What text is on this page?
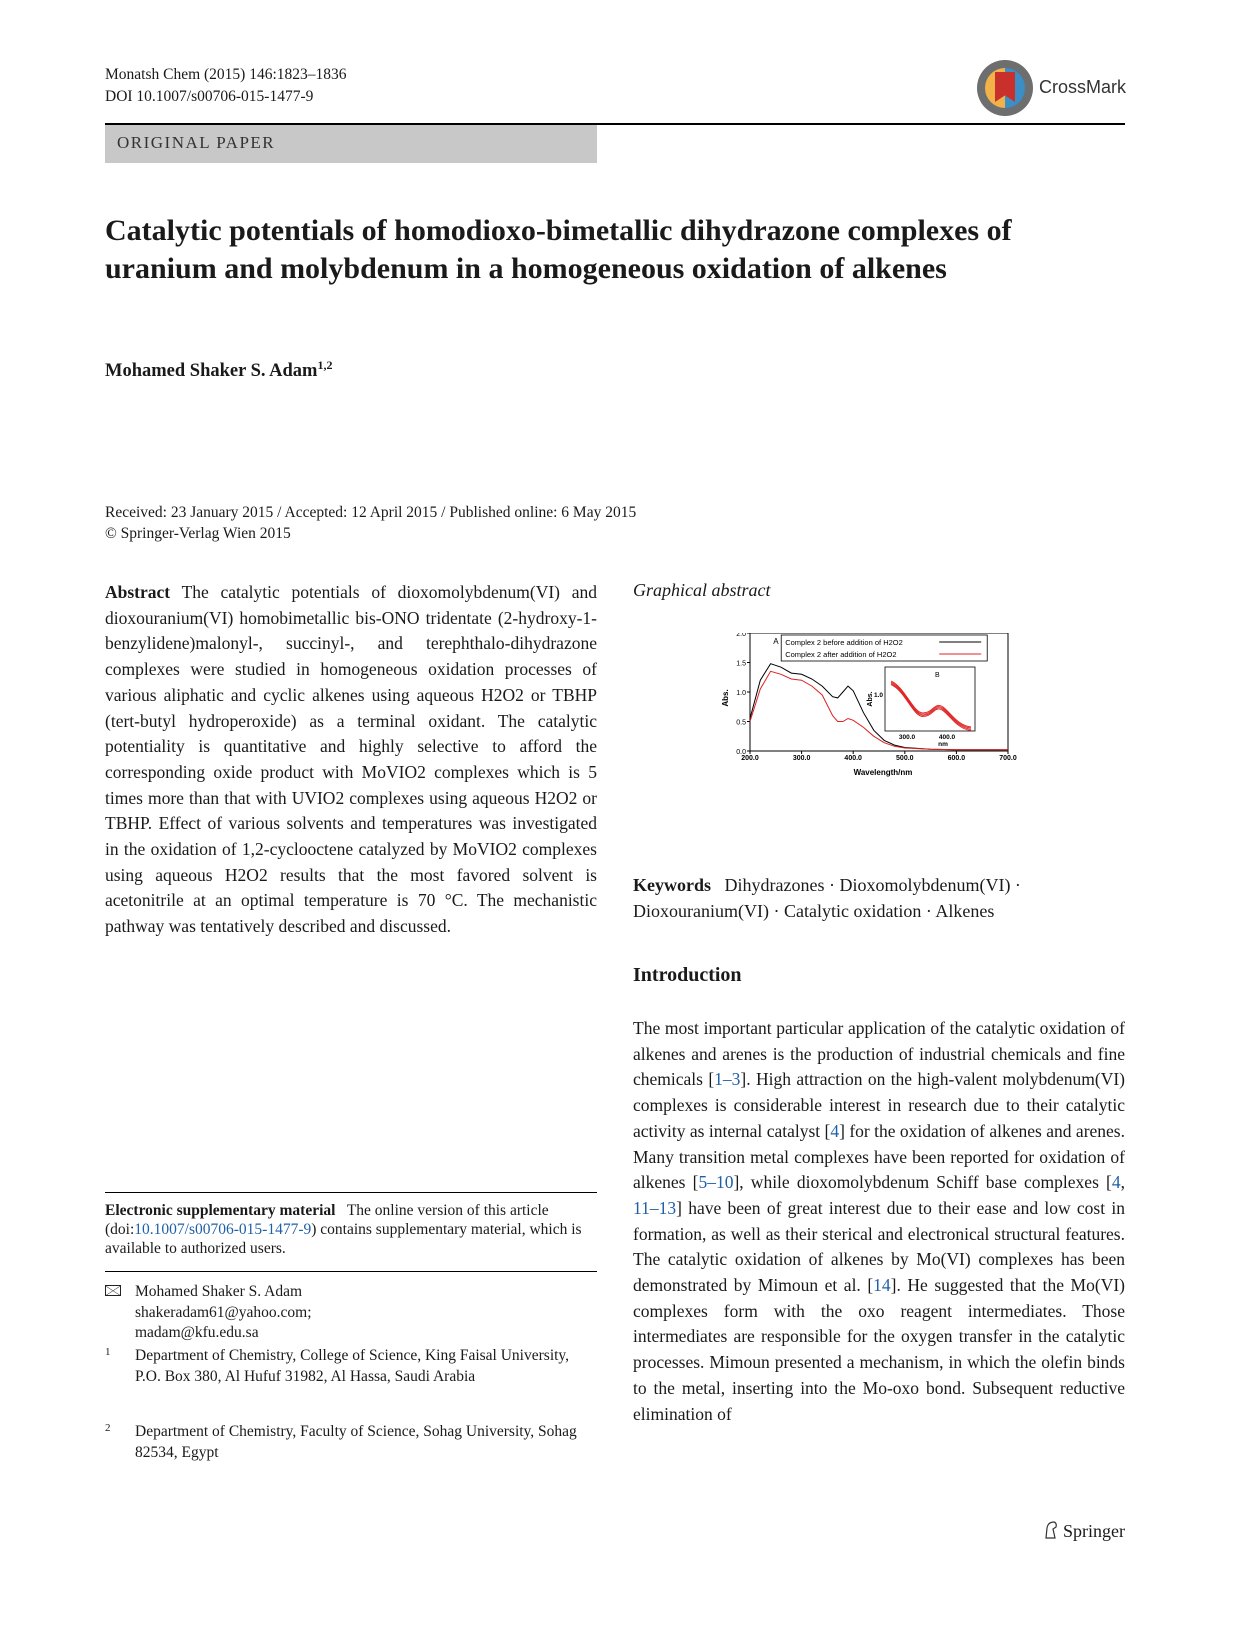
Monatsh Chem (2015) 146:1823–1836
DOI 10.1007/s00706-015-1477-9	CrossMark
ORIGINAL PAPER
Catalytic potentials of homodioxo-bimetallic dihydrazone complexes of uranium and molybdenum in a homogeneous oxidation of alkenes
Mohamed Shaker S. Adam$^{1,2}$
Received: 23 January 2015 / Accepted: 12 April 2015 / Published online: 6 May 2015
© Springer-Verlag Wien 2015
Abstract The catalytic potentials of dioxomolybdenum(VI) and dioxouranium(VI) homobimetallic bis-ONO tridentate (2-hydroxy-1-benzylidene)malonyl-, succinyl-, and terephthalo-dihydrazone complexes were studied in homogeneous oxidation processes of various aliphatic and cyclic alkenes using aqueous H2O2 or TBHP (tert-butyl hydroperoxide) as a terminal oxidant. The catalytic potentiality is quantitative and highly selective to afford the corresponding oxide product with MoVIO2 complexes which is 5 times more than that with UVIO2 complexes using aqueous H2O2 or TBHP. Effect of various solvents and temperatures was investigated in the oxidation of 1,2-cyclooctene catalyzed by MoVIO2 complexes using aqueous H2O2 results that the most favored solvent is acetonitrile at an optimal temperature is 70 °C. The mechanistic pathway was tentatively described and discussed.
Graphical abstract
0.0
0.5
1.0
1.5
2.0
200.0	300.0	400.0	500.0	600.0	700.0
Wavelength/nm
Abs.
A Complex 2 before addition of H2O2
Complex 2 after addition of H2O2
B
300.0	400.0
nm
1.0
Abs.
Keywords Dihydrazones · Dioxomolybdenum(VI) · Dioxouranium(VI) · Catalytic oxidation · Alkenes
Introduction
The most important particular application of the catalytic oxidation of alkenes and arenes is the production of industrial chemicals and fine chemicals [1–3]. High attraction on the high-valent molybdenum(VI) complexes is considerable interest in research due to their catalytic activity as internal catalyst [4] for the oxidation of alkenes and arenes. Many transition metal complexes have been reported for oxidation of alkenes [5–10], while dioxomolybdenum Schiff base complexes [4, 11–13] have been of great interest due to their ease and low cost in formation, as well as their sterical and electronical structural features. The catalytic oxidation of alkenes by Mo(VI) complexes has been demonstrated by Mimoun et al. [14]. He suggested that the Mo(VI) complexes form with the oxo reagent intermediates. Those intermediates are responsible for the oxygen transfer in the catalytic processes. Mimoun presented a mechanism, in which the olefin binds to the metal, inserting into the Mo-oxo bond. Subsequent reductive elimination of
Electronic supplementary material The online version of this article (doi:10.1007/s00706-015-1477-9) contains supplementary material, which is available to authorized users.
Mohamed Shaker S. Adam
shakeradam61@yahoo.com;
madam@kfu.edu.sa
1 Department of Chemistry, College of Science, King Faisal University, P.O. Box 380, Al Hufuf 31982, Al Hassa, Saudi Arabia
2 Department of Chemistry, Faculty of Science, Sohag University, Sohag 82534, Egypt
Springer
